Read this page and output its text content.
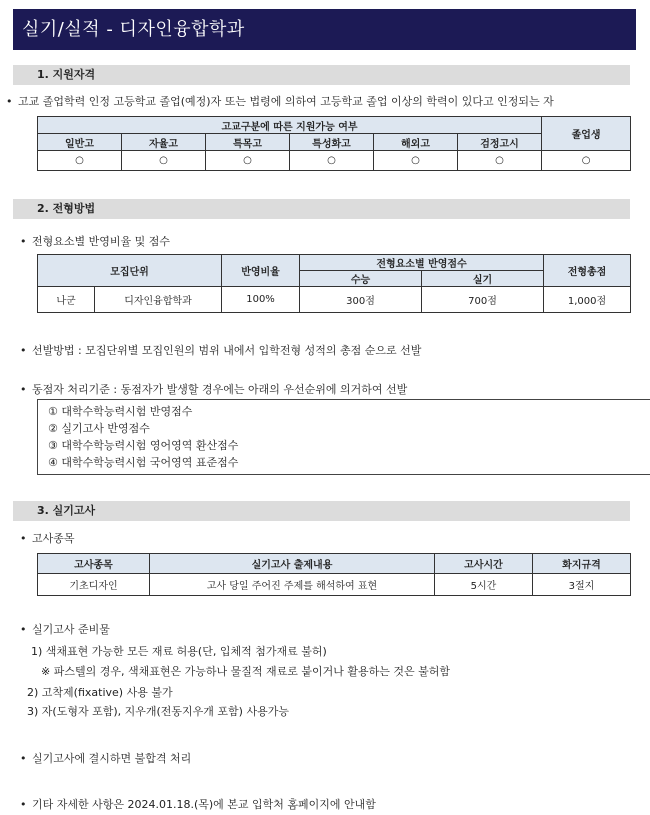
실기/실적 - 디자인융합학과
1. 지원자격
• 고교 졸업학력 인정 고등학교 졸업(예정)자 또는 법령에 의하여 고등학교 졸업 이상의 학력이 있다고 인정되는 자
고교구분에 따른 지원가능 여부						졸업생
일반고	자율고	특목고	특성화고	해외고	검정고시	
○	○	○	○	○	○	○
2. 전형방법
• 전형요소별 반영비율 및 점수
모집단위		반영비율	전형요소별 반영점수		전형총점
			수능	실기	
나군	디자인융합학과	100%	300점	700점	1,000점
• 선발방법 : 모집단위별 모집인원의 범위 내에서 입학전형 성적의 총점 순으로 선발
• 동점자 처리기준 : 동점자가 발생할 경우에는 아래의 우선순위에 의거하여 선발
① 대학수학능력시험 반영점수
② 실기고사 반영점수
③ 대학수학능력시험 영어영역 환산점수
④ 대학수학능력시험 국어영역 표준점수
3. 실기고사
• 고사종목
고사종목	실기고사 출제내용	고사시간	화지규격
기초디자인	고사 당일 주어진 주제를 해석하여 표현	5시간	3절지
• 실기고사 준비물
1) 색채표현 가능한 모든 재료 허용(단, 입체적 첨가재료 불허)
※ 파스텔의 경우, 색채표현은 가능하나 물질적 재료로 붙이거나 활용하는 것은 불허함
2) 고착제(fixative) 사용 불가
3) 자(도형자 포함), 지우개(전동지우개 포함) 사용가능
• 실기고사에 결시하면 불합격 처리
• 기타 자세한 사항은 2024.01.18.(목)에 본교 입학처 홈페이지에 안내함
